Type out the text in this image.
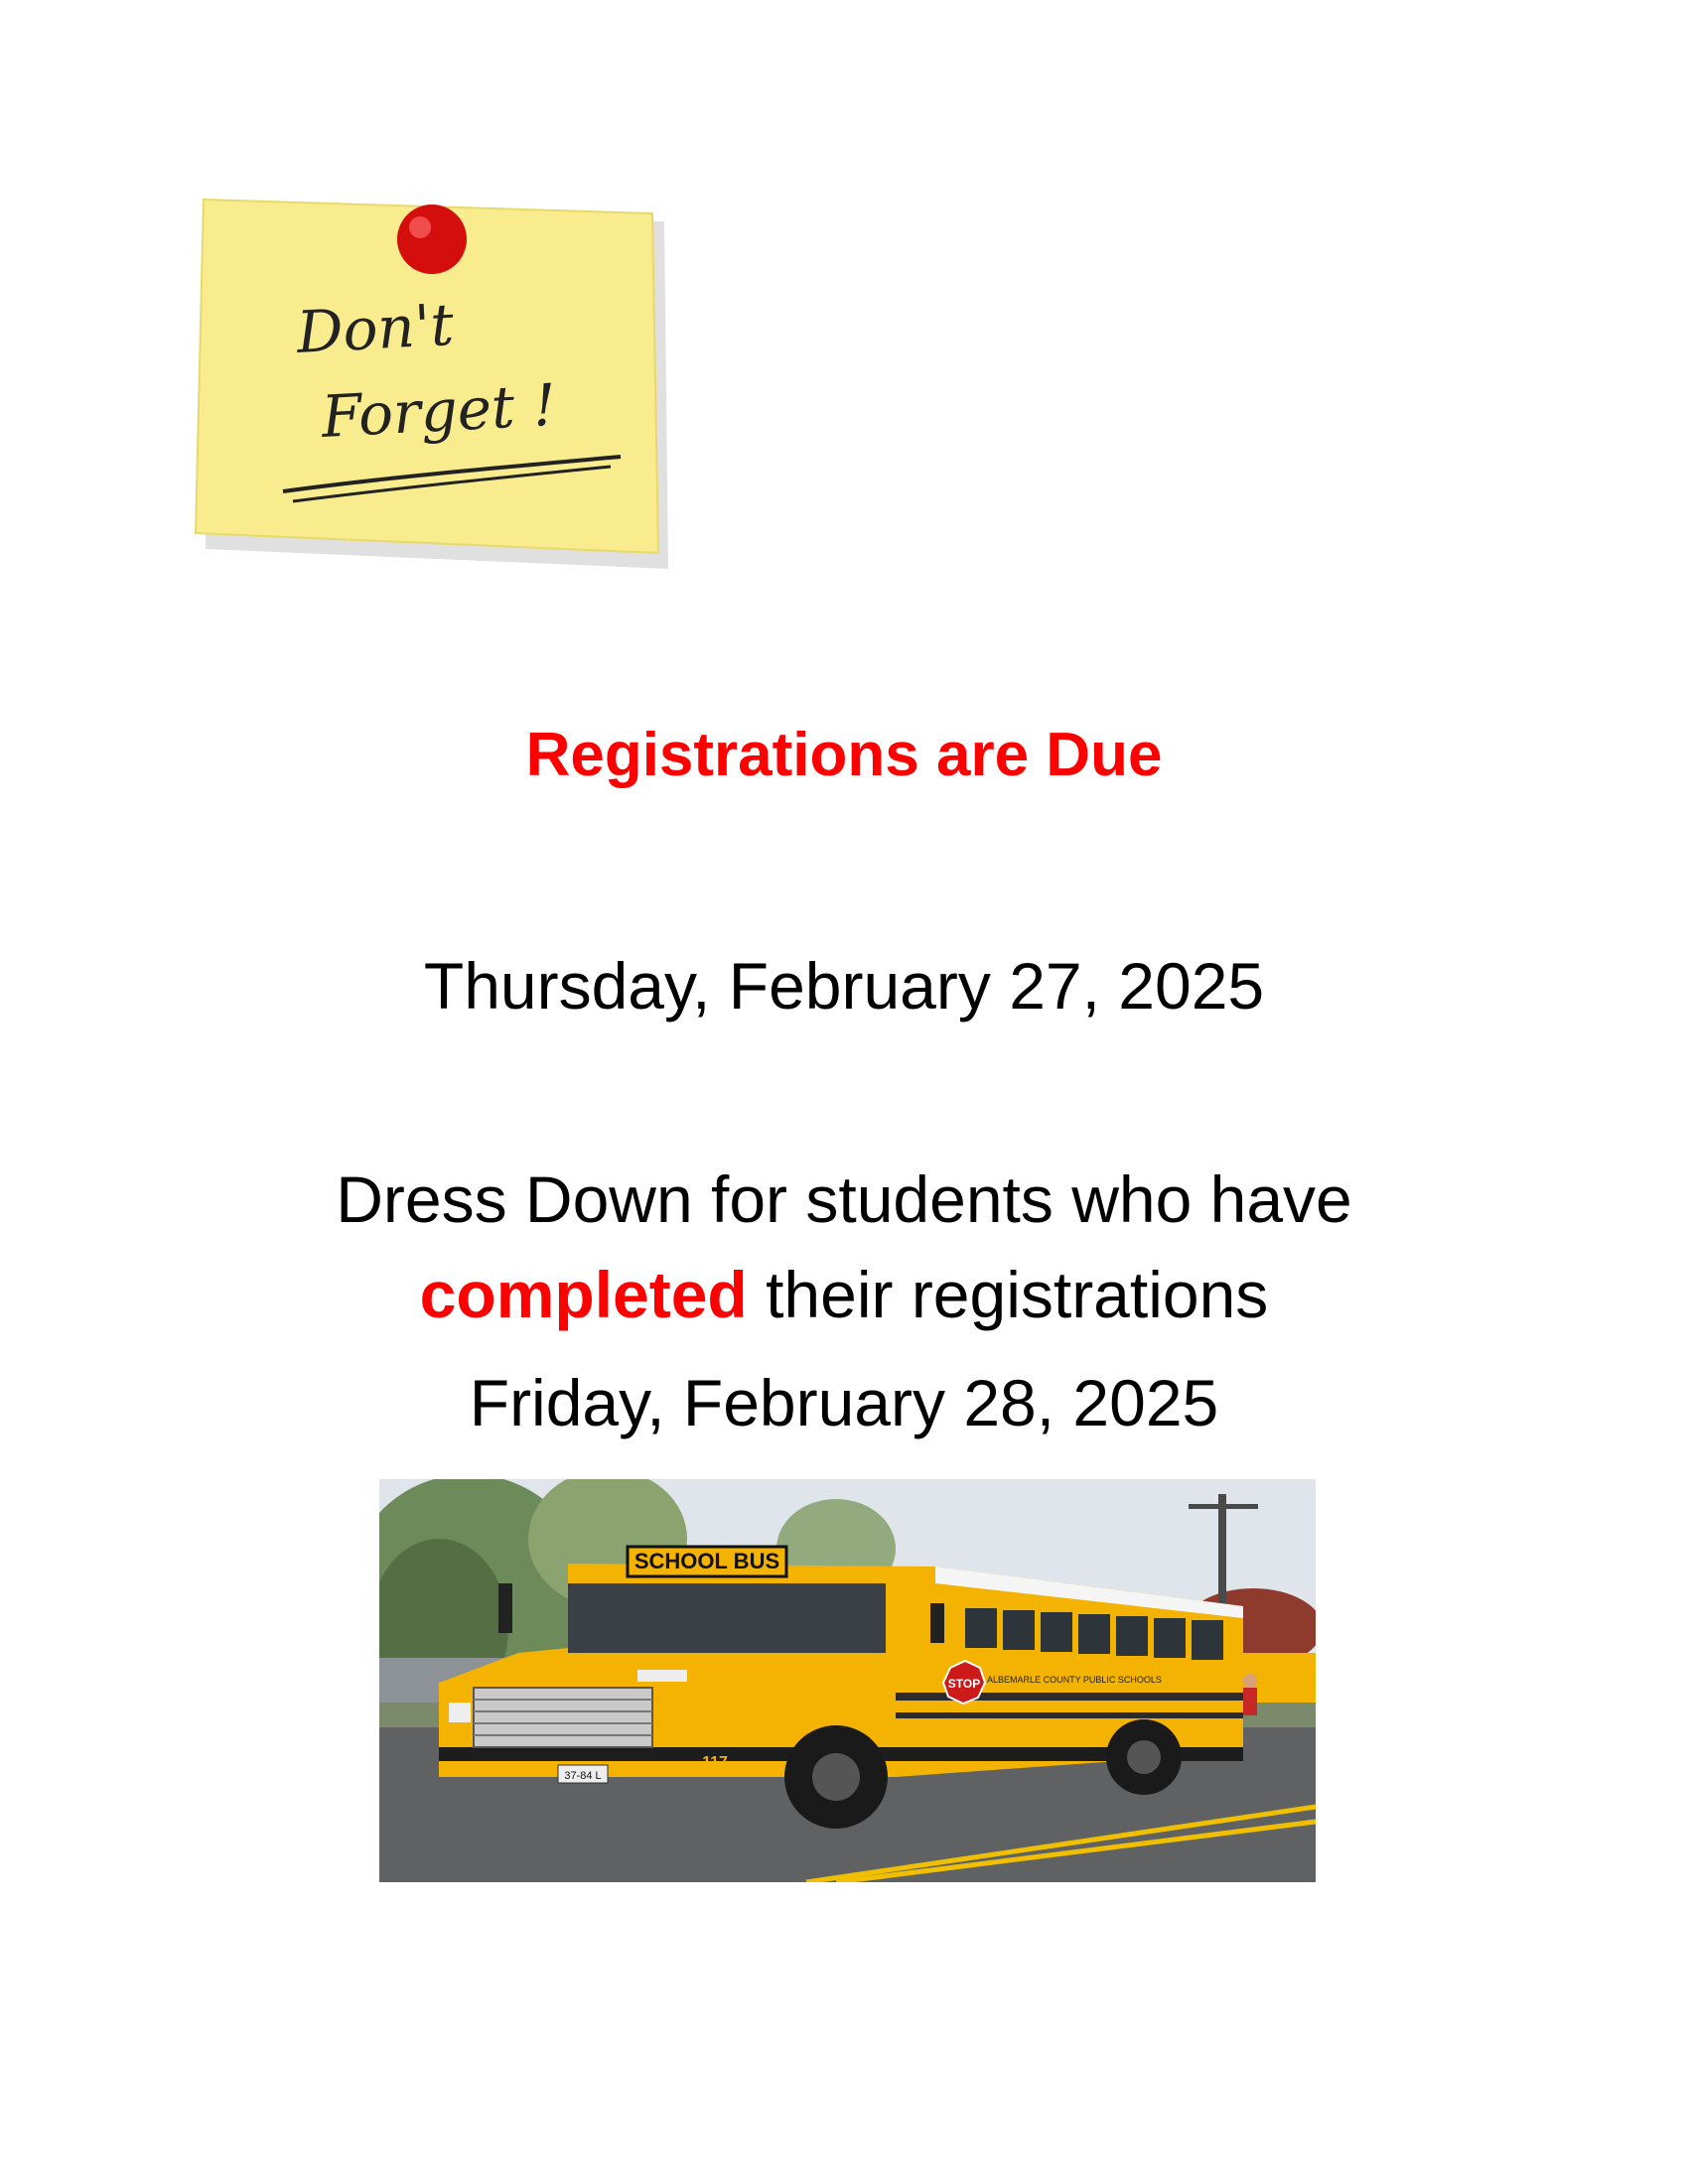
Don't
Forget !
Registrations are Due
Thursday, February 27, 2025
Dress Down for students who have
completed their registrations
Friday, February 28, 2025
SCHOOL BUS
STOP
117
ALBEMARLE COUNTY PUBLIC SCHOOLS
37-84 L
